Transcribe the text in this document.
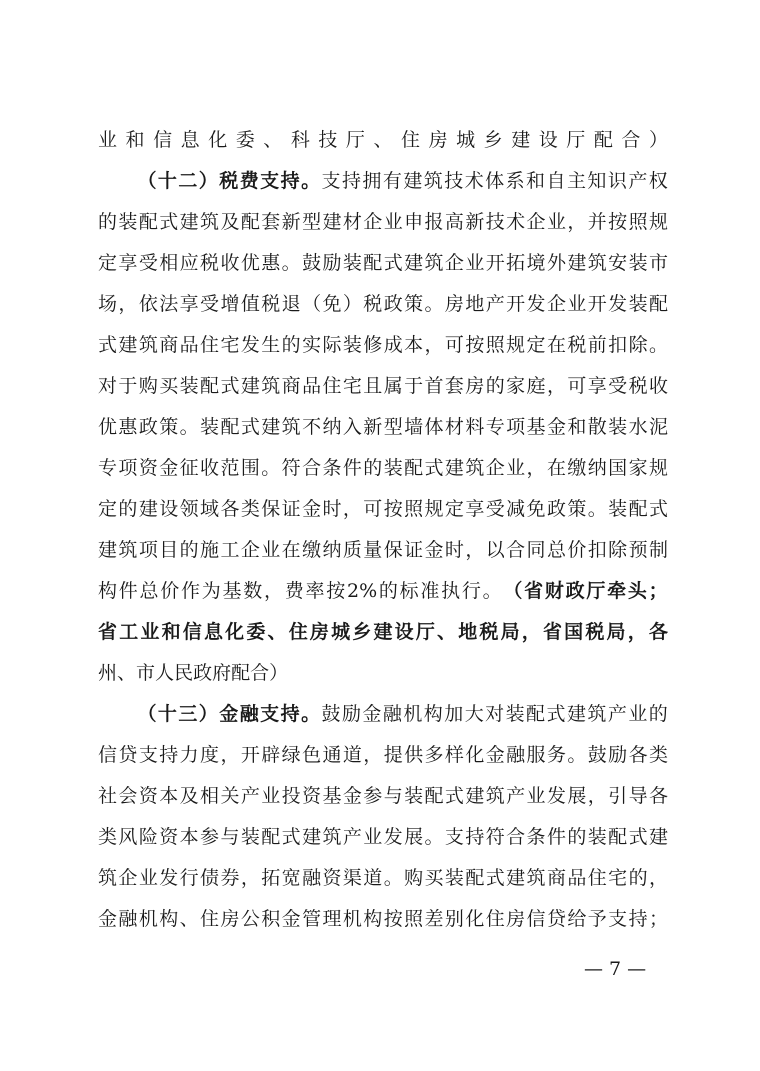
业 和 信 息 化 委 、 科 技 厅 、 住 房 城 乡 建 设 厅 配 合 ）
（ 十 二 ） 税 费 支 持 。 支 持 拥 有 建 筑 技 术 体 系 和 自 主 知 识 产 权
的 装 配 式 建 筑 及 配 套 新 型 建 材 企 业 申 报 高 新 技 术 企 业 ， 并 按 照 规
定 享 受 相 应 税 收 优 惠 。 鼓 励 装 配 式 建 筑 企 业 开 拓 境 外 建 筑 安 装 市
场 ， 依 法 享 受 增 值 税 退 （ 免 ） 税 政 策 。 房 地 产 开 发 企 业 开 发 装 配
式 建 筑 商 品 住 宅 发 生 的 实 际 装 修 成 本 ， 可 按 照 规 定 在 税 前 扣 除 。
对 于 购 买 装 配 式 建 筑 商 品 住 宅 且 属 于 首 套 房 的 家 庭 ， 可 享 受 税 收
优 惠 政 策 。 装 配 式 建 筑 不 纳 入 新 型 墙 体 材 料 专 项 基 金 和 散 装 水 泥
专 项 资 金 征 收 范 围 。 符 合 条 件 的 装 配 式 建 筑 企 业 ， 在 缴 纳 国 家 规
定 的 建 设 领 域 各 类 保 证 金 时 ， 可 按 照 规 定 享 受 减 免 政 策 。 装 配 式
建 筑 项 目 的 施 工 企 业 在 缴 纳 质 量 保 证 金 时 ， 以 合 同 总 价 扣 除 预 制
构 件 总 价 作 为 基 数 ， 费 率 按 2% 的 标 准 执 行 。 （ 省 财 政 厅 牵 头 ；
省 工 业 和 信 息 化 委 、 住 房 城 乡 建 设 厅 、 地 税 局 ， 省 国 税 局 ， 各
州 、 市 人 民 政 府 配 合 ）
（ 十 三 ） 金 融 支 持 。 鼓 励 金 融 机 构 加 大 对 装 配 式 建 筑 产 业 的
信 贷 支 持 力 度 ， 开 辟 绿 色 通 道 ， 提 供 多 样 化 金 融 服 务 。 鼓 励 各 类
社 会 资 本 及 相 关 产 业 投 资 基 金 参 与 装 配 式 建 筑 产 业 发 展 ， 引 导 各
类 风 险 资 本 参 与 装 配 式 建 筑 产 业 发 展 。 支 持 符 合 条 件 的 装 配 式 建
筑 企 业 发 行 债 券 ， 拓 宽 融 资 渠 道 。 购 买 装 配 式 建 筑 商 品 住 宅 的 ，
金 融 机 构 、 住 房 公 积 金 管 理 机 构 按 照 差 别 化 住 房 信 贷 给 予 支 持 ；
— 7 —
